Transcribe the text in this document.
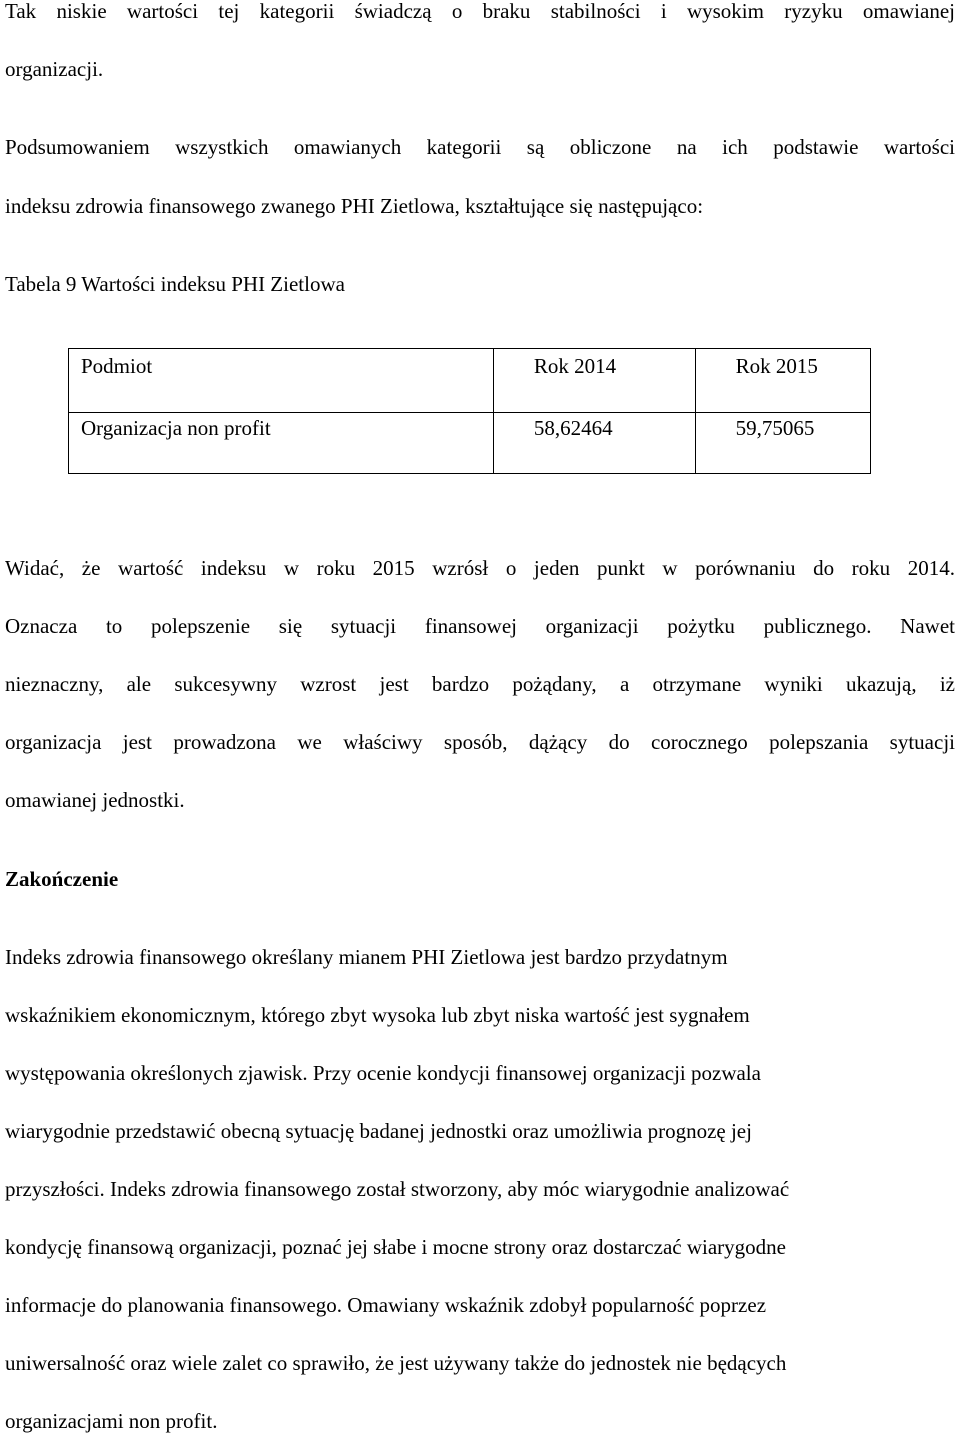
Tak niskie wartości tej kategorii świadczą o braku stabilności i wysokim ryzyku omawianej
organizacji.
Podsumowaniem wszystkich omawianych kategorii są obliczone na ich podstawie wartości
indeksu zdrowia finansowego zwanego PHI Zietlowa, kształtujące się następująco:
Tabela 9 Wartości indeksu PHI Zietlowa
Podmiot	Rok 2014	Rok 2015
Organizacja non profit	58,62464	59,75065
Widać, że wartość indeksu w roku 2015 wzrósł o jeden punkt w porównaniu do roku 2014.
Oznacza to polepszenie się sytuacji finansowej organizacji pożytku publicznego. Nawet
nieznaczny, ale sukcesywny wzrost jest bardzo pożądany, a otrzymane wyniki ukazują, iż
organizacja jest prowadzona we właściwy sposób, dążący do corocznego polepszania sytuacji
omawianej jednostki.
Zakończenie
Indeks zdrowia finansowego określany mianem PHI Zietlowa jest bardzo przydatnym
wskaźnikiem ekonomicznym, którego zbyt wysoka lub zbyt niska wartość jest sygnałem
występowania określonych zjawisk. Przy ocenie kondycji finansowej organizacji pozwala
wiarygodnie przedstawić obecną sytuację badanej jednostki oraz umożliwia prognozę jej
przyszłości. Indeks zdrowia finansowego został stworzony, aby móc wiarygodnie analizować
kondycję finansową organizacji, poznać jej słabe i mocne strony oraz dostarczać wiarygodne
informacje do planowania finansowego. Omawiany wskaźnik zdobył popularność poprzez
uniwersalność oraz wiele zalet co sprawiło, że jest używany także do jednostek nie będących
organizacjami non profit.
